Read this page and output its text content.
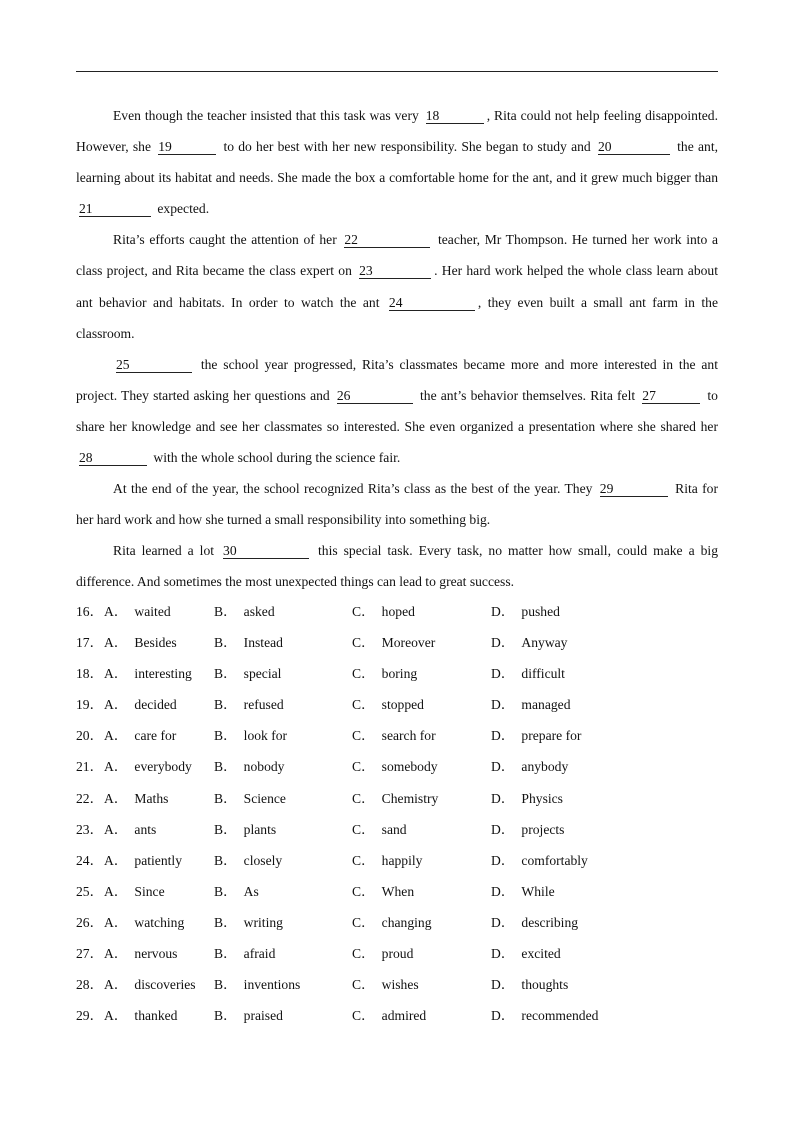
Even though the teacher insisted that this task was very 18	, Rita could not help feeling disappointed. However, she 19	to do her best with her new responsibility. She began to study and 20	the ant, learning about its habitat and needs. She made the box a comfortable home for the ant, and it grew much bigger than 21	expected.

Rita’s efforts caught the attention of her 22	teacher, Mr Thompson. He turned her work into a class project, and Rita became the class expert on 23	. Her hard work helped the whole class learn about ant behavior and habitats. In order to watch the ant 24	, they even built a small ant farm in the classroom.

25	the school year progressed, Rita’s classmates became more and more interested in the ant project. They started asking her questions and 26	the ant’s behavior themselves. Rita felt 27	to share her knowledge and see her classmates so interested. She even organized a presentation where she shared her 28	with the whole school during the science fair.

At the end of the year, the school recognized Rita’s class as the best of the year. They 29	Rita for her hard work and how she turned a small responsibility into something big.

Rita learned a lot 30	this special task. Every task, no matter how small, could make a big difference. And sometimes the most unexpected things can lead to great success.

16． A． waited	B． asked	C． hoped	D． pushed
17． A． Besides	B． Instead	C． Moreover	D． Anyway
18． A． interesting B． special	C． boring	D． difficult
19． A． decided	B． refused	C． stopped	D． managed
20． A． care for	B． look for	C． search for	D． prepare for
21． A． everybody B． nobody	C． somebody	D． anybody
22． A． Maths	B． Science	C． Chemistry	D． Physics
23． A． ants	B． plants	C． sand	D． projects
24． A． patiently B． closely	C． happily	D． comfortably
25． A． Since	B． As	C． When	D． While
26． A． watching B． writing	C． changing	D． describing
27． A． nervous	B． afraid	C． proud	D． excited
28． A． discoveries B． inventions	C． wishes	D． thoughts
29． A． thanked	B． praised	C． admired	D． recommended
